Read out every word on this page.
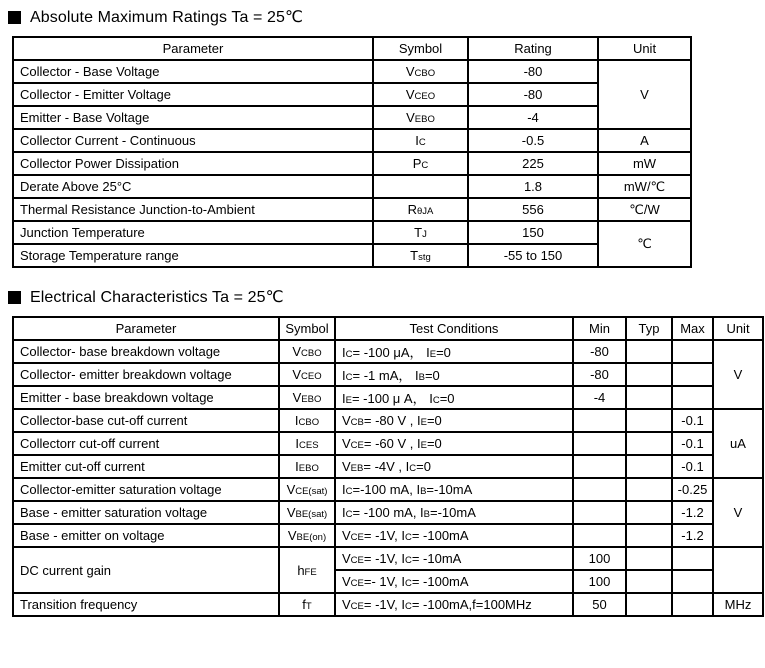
Absolute Maximum Ratings Ta = 25℃
Parameter	Symbol	Rating	Unit
Collector - Base Voltage	VCBO	-80	V
Collector - Emitter Voltage	VCEO	-80	
Emitter - Base Voltage	VEBO	-4	
Collector Current - Continuous	IC	-0.5	A
Collector Power Dissipation	PC	225	mW
Derate Above 25°C		1.8	mW/℃
Thermal Resistance Junction-to-Ambient	RθJA	556	℃/W
Junction Temperature	TJ	150	℃
Storage Temperature range	Tstg	-55 to 150	
Electrical Characteristics Ta = 25℃
Parameter	Symbol	Test Conditions	Min	Typ	Max	Unit
Collector- base breakdown voltage	VCBO	IC= -100 μA， IE=0	-80			V
Collector- emitter breakdown voltage	VCEO	IC= -1 mA， IB=0	-80			
Emitter - base breakdown voltage	VEBO	IE= -100 μ A， IC=0	-4			
Collector-base cut-off current	ICBO	VCB= -80 V , IE=0			-0.1	uA
Collectorr cut-off current	ICES	VCE= -60 V , IE=0			-0.1	
Emitter cut-off current	IEBO	VEB= -4V , IC=0			-0.1	
Collector-emitter saturation voltage	VCE(sat)	IC=-100 mA, IB=-10mA			-0.25	V
Base - emitter saturation voltage	VBE(sat)	IC= -100 mA, IB=-10mA			-1.2	
Base - emitter on voltage	VBE(on)	VCE= -1V, IC= -100mA			-1.2	
DC current gain	hFE	VCE= -1V, IC= -10mA	100			
		VCE=- 1V, IC= -100mA	100			
Transition frequency	fT	VCE= -1V, IC= -100mA,f=100MHz	50			MHz
